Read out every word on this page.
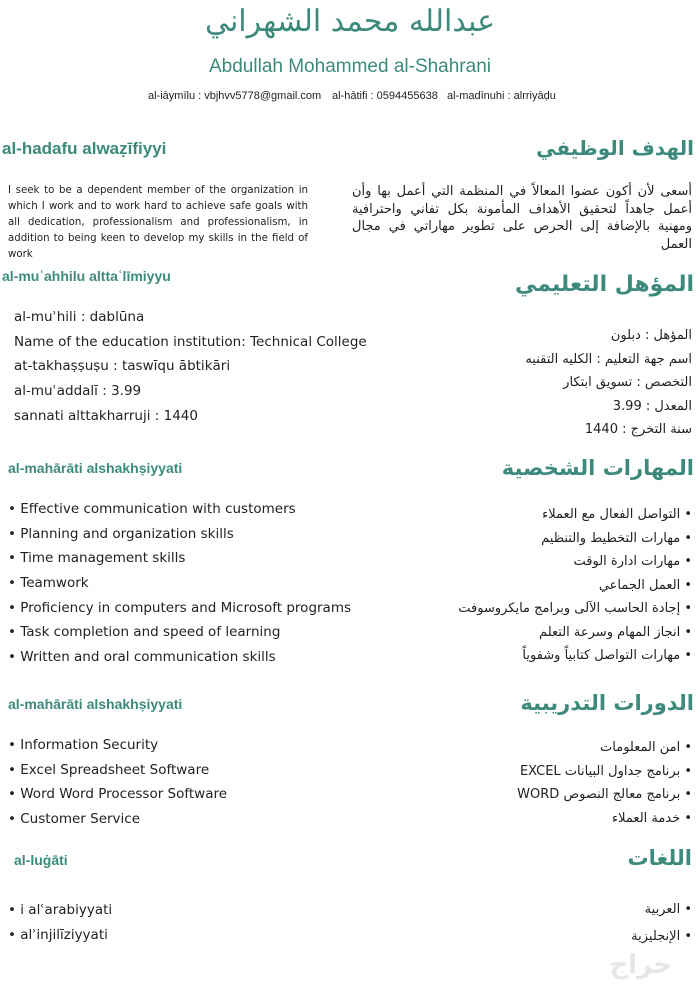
عبدالله محمد الشهراني
Abdullah Mohammed al-Shahrani
al-iāymīlu : vbjhvv5778@gmail.com al-hātifi : 0594455638 al-madīnuhi : alrriyāḍu
al-hadafu alwaẓīfiyyi	الهدف الوظيفي
I seek to be a dependent member of the organization in which I work and to work hard to achieve safe goals with all dedication, professionalism and professionalism, in addition to being keen to develop my skills in the field of work
أسعى لأن أكون عضوا المعالاً في المنظمة التي أعمل بها وأن أعمل جاهداً لتحقيق الأهداف المأمونة بكل تفاني واحترافية ومهنية بالإضافة إلى الحرص على تطوير مهاراتي في مجال العمل
al-muʿahhilu alttaʿlīmiyyu	المؤهل التعليمي
al-muʾhili : dablūna
Name of the education institution: Technical College
at-takhaṣṣuṣu : taswīqu ābtikāri
al-muʿaddalī : 3.99
sannati alttakharruji : 1440
المؤهل : دبلون
اسم جهة التعليم : الكليه التقنيه
التخصص : تسويق ابتكار
المعدل : 3.99
سنة التخرج : 1440
al-mahārāti alshakhṣiyyati	المهارات الشخصية
• Effective communication with customers
• Planning and organization skills
• Time management skills
• Teamwork
• Proficiency in computers and Microsoft programs
• Task completion and speed of learning
• Written and oral communication skills
• التواصل الفعال مع العملاء
• مهارات التخطيط والتنظيم
• مهارات ادارة الوقت
• العمل الجماعي
• إجادة الحاسب الآلى وبرامج مايكروسوفت
• انجاز المهام وسرعة التعلم
• مهارات التواصل كتابياً وشفوياً
al-mahārāti alshakhṣiyyati	الدورات التدريبية
• Information Security
• Excel Spreadsheet Software
• Word Word Processor Software
• Customer Service
• امن المعلومات
• برنامج جداول البيانات EXCEL
• برنامج معالج النصوص WORD
• خدمة العملاء
al-luġāti	اللغات
• i alʿarabiyyati
• alʾinjilīziyyati
• العربية
• الإنجليزية
حراج
